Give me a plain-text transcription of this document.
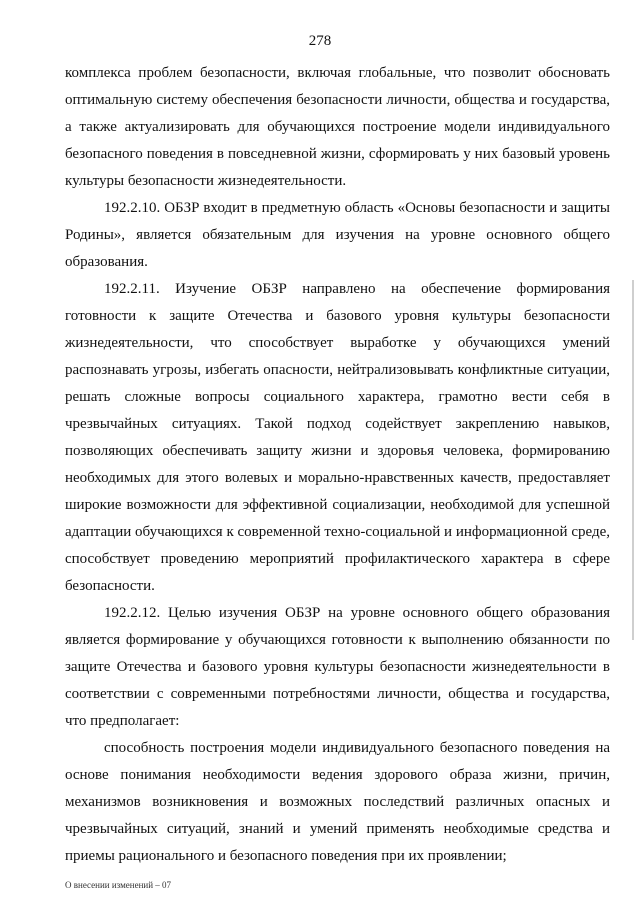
278

комплекса проблем безопасности, включая глобальные, что позволит обосновать оптимальную систему обеспечения безопасности личности, общества и государства, а также актуализировать для обучающихся построение модели индивидуального безопасного поведения в повседневной жизни, сформировать у них базовый уровень культуры безопасности жизнедеятельности.

192.2.10. ОБЗР входит в предметную область «Основы безопасности и защиты Родины», является обязательным для изучения на уровне основного общего образования.

192.2.11. Изучение ОБЗР направлено на обеспечение формирования готовности к защите Отечества и базового уровня культуры безопасности жизнедеятельности, что способствует выработке у обучающихся умений распознавать угрозы, избегать опасности, нейтрализовывать конфликтные ситуации, решать сложные вопросы социального характера, грамотно вести себя в чрезвычайных ситуациях. Такой подход содействует закреплению навыков, позволяющих обеспечивать защиту жизни и здоровья человека, формированию необходимых для этого волевых и морально-нравственных качеств, предоставляет широкие возможности для эффективной социализации, необходимой для успешной адаптации обучающихся к современной техно-социальной и информационной среде, способствует проведению мероприятий профилактического характера в сфере безопасности.

192.2.12. Целью изучения ОБЗР на уровне основного общего образования является формирование у обучающихся готовности к выполнению обязанности по защите Отечества и базового уровня культуры безопасности жизнедеятельности в соответствии с современными потребностями личности, общества и государства, что предполагает:

способность построения модели индивидуального безопасного поведения на основе понимания необходимости ведения здорового образа жизни, причин, механизмов возникновения и возможных последствий различных опасных и чрезвычайных ситуаций, знаний и умений применять необходимые средства и приемы рационального и безопасного поведения при их проявлении;

О внесении изменений – 07
